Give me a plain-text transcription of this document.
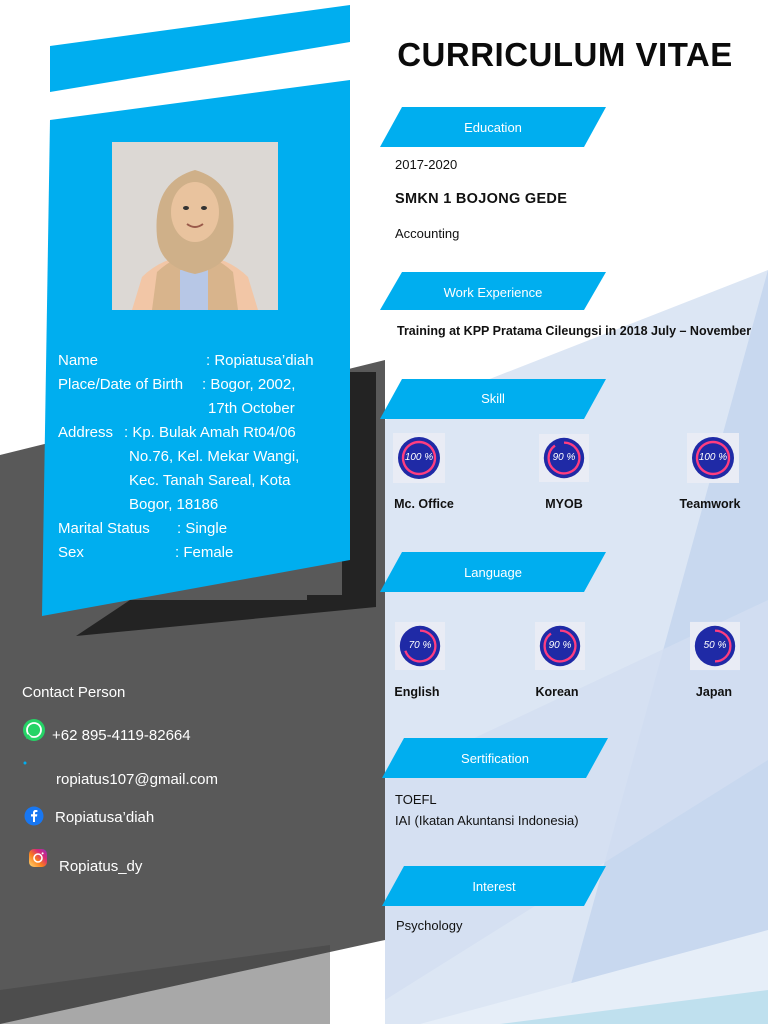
CURRICULUM VITAE
Name	: Ropiatusa’diah
Place/Date of Birth : Bogor, 2002,
17th October
Address : Kp. Bulak Amah Rt04/06
No.76, Kel. Mekar Wangi,
Kec. Tanah Sareal, Kota
Bogor, 18186
Marital Status : Single
Sex	: Female
Contact Person
+62 895-4119-82664
ropiatus107@gmail.com
Ropiatusa’diah
Ropiatus_dy
Education
2017-2020
SMKN 1 BOJONG GEDE
Accounting
Work Experience
Training at KPP Pratama Cileungsi in 2018 July – November
Skill
100 %
Mc. Office
90 %
MYOB
100 %
Teamwork
Language
70 %
English
90 %
Korean
50 %
Japan
Sertification
TOEFL
IAI (Ikatan Akuntansi Indonesia)
Interest
Psychology
